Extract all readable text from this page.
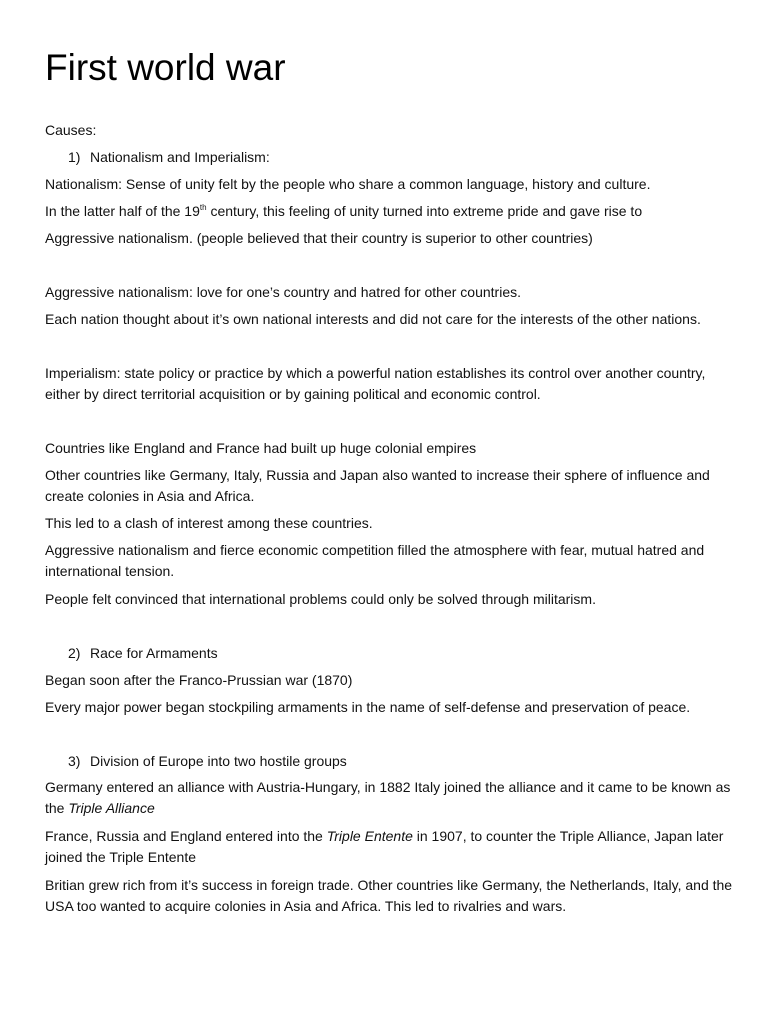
First world war
Causes:
1) Nationalism and Imperialism:
Nationalism: Sense of unity felt by the people who share a common language, history and culture.
In the latter half of the 19th century, this feeling of unity turned into extreme pride and gave rise to
Aggressive nationalism. (people believed that their country is superior to other countries)
Aggressive nationalism: love for one’s country and hatred for other countries.
Each nation thought about it’s own national interests and did not care for the interests of the other nations.
Imperialism: state policy or practice by which a powerful nation establishes its control over another country, either by direct territorial acquisition or by gaining political and economic control.
Countries like England and France had built up huge colonial empires
Other countries like Germany, Italy, Russia and Japan also wanted to increase their sphere of influence and create colonies in Asia and Africa.
This led to a clash of interest among these countries.
Aggressive nationalism and fierce economic competition filled the atmosphere with fear, mutual hatred and international tension.
People felt convinced that international problems could only be solved through militarism.
2) Race for Armaments
Began soon after the Franco-Prussian war (1870)
Every major power began stockpiling armaments in the name of self-defense and preservation of peace.
3) Division of Europe into two hostile groups
Germany entered an alliance with Austria-Hungary, in 1882 Italy joined the alliance and it came to be known as the Triple Alliance
France, Russia and England entered into the Triple Entente in 1907, to counter the Triple Alliance, Japan later joined the Triple Entente
Britian grew rich from it’s success in foreign trade. Other countries like Germany, the Netherlands, Italy, and the USA too wanted to acquire colonies in Asia and Africa. This led to rivalries and wars.
